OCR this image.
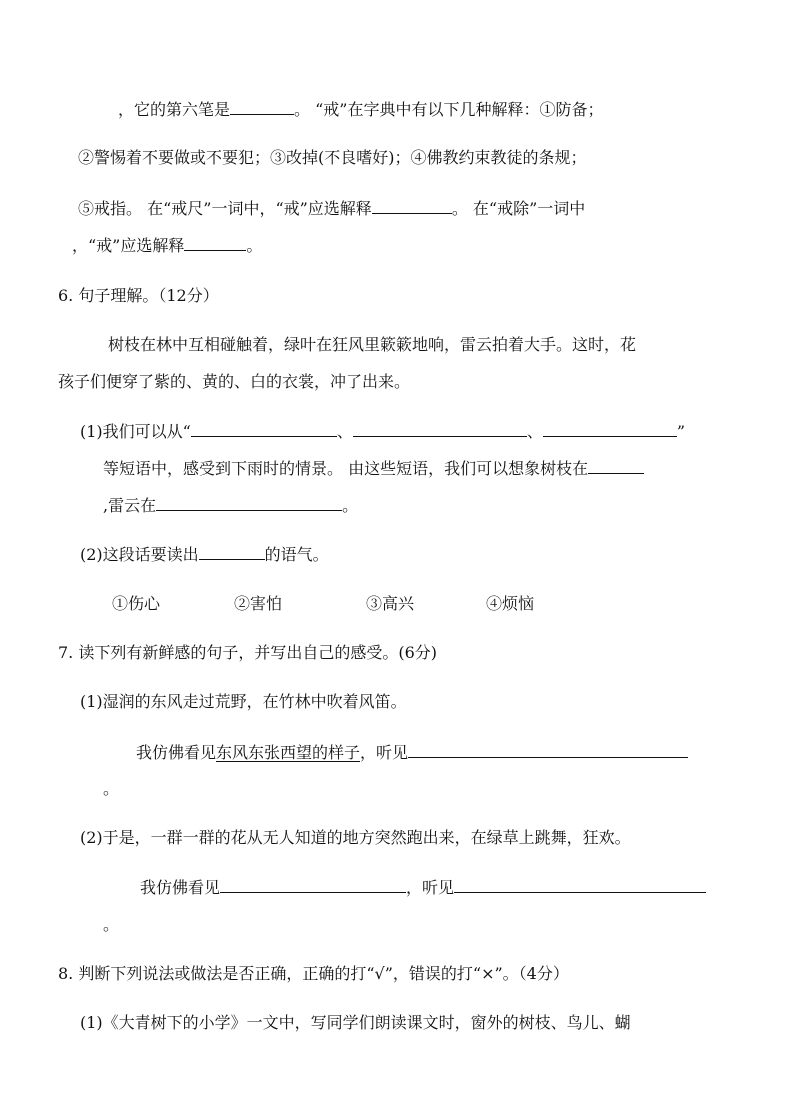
，它的第六笔是	。 “戒”在字典中有以下几种解释：①防备；
②警惕着不要做或不要犯；③改掉(不良嗜好)；④佛教约束教徒的条规；
⑤戒指。 在“戒尺”一词中，“戒”应选解释	。 在“戒除”一词中
，“戒”应选解释	。
6. 句子理解。（12分）
树枝在林中互相碰触着，绿叶在狂风里簌簌地响，雷云拍着大手。这时，花
孩子们便穿了紫的、黄的、白的衣裳，冲了出来。
(1)我们可以从“	、	、	”
等短语中，感受到下雨时的情景。 由这些短语，我们可以想象树枝在
,雷云在	。
(2)这段话要读出	的语气。
①伤心	②害怕	③高兴	④烦恼
7. 读下列有新鲜感的句子，并写出自己的感受。(6分)
(1)湿润的东风走过荒野，在竹林中吹着风笛。
我仿佛看见东风东张西望的样子，听见
。
(2)于是，一群一群的花从无人知道的地方突然跑出来，在绿草上跳舞，狂欢。
我仿佛看见	，听见
。
8. 判断下列说法或做法是否正确，正确的打“√”，错误的打“×”。（4分）
(1)《大青树下的小学》一文中，写同学们朗读课文时，窗外的树枝、鸟儿、蝴
